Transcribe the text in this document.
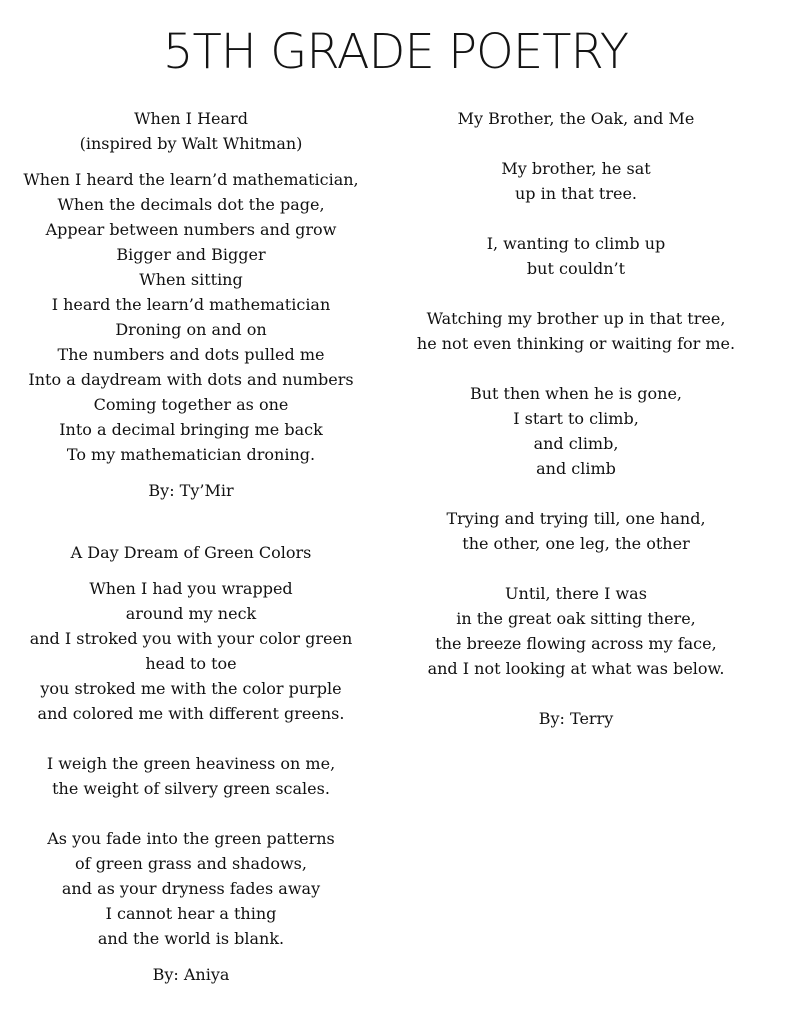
5TH GRADE POETRY
When I Heard
(inspired by Walt Whitman)
When I heard the learn’d mathematician,
When the decimals dot the page,
Appear between numbers and grow
Bigger and Bigger
When sitting
I heard the learn’d mathematician
Droning on and on
The numbers and dots pulled me
Into a daydream with dots and numbers
Coming together as one
Into a decimal bringing me back
To my mathematician droning.
By: Ty’Mir
A Day Dream of Green Colors
When I had you wrapped
around my neck
and I stroked you with your color green
head to toe
you stroked me with the color purple
and colored me with different greens.
I weigh the green heaviness on me,
the weight of silvery green scales.
As you fade into the green patterns
of green grass and shadows,
and as your dryness fades away
I cannot hear a thing
and the world is blank.
By: Aniya
My Brother, the Oak, and Me
My brother, he sat
up in that tree.
I, wanting to climb up
but couldn’t
Watching my brother up in that tree,
he not even thinking or waiting for me.
But then when he is gone,
I start to climb,
and climb,
and climb
Trying and trying till, one hand,
the other, one leg, the other
Until, there I was
in the great oak sitting there,
the breeze flowing across my face,
and I not looking at what was below.
By: Terry
